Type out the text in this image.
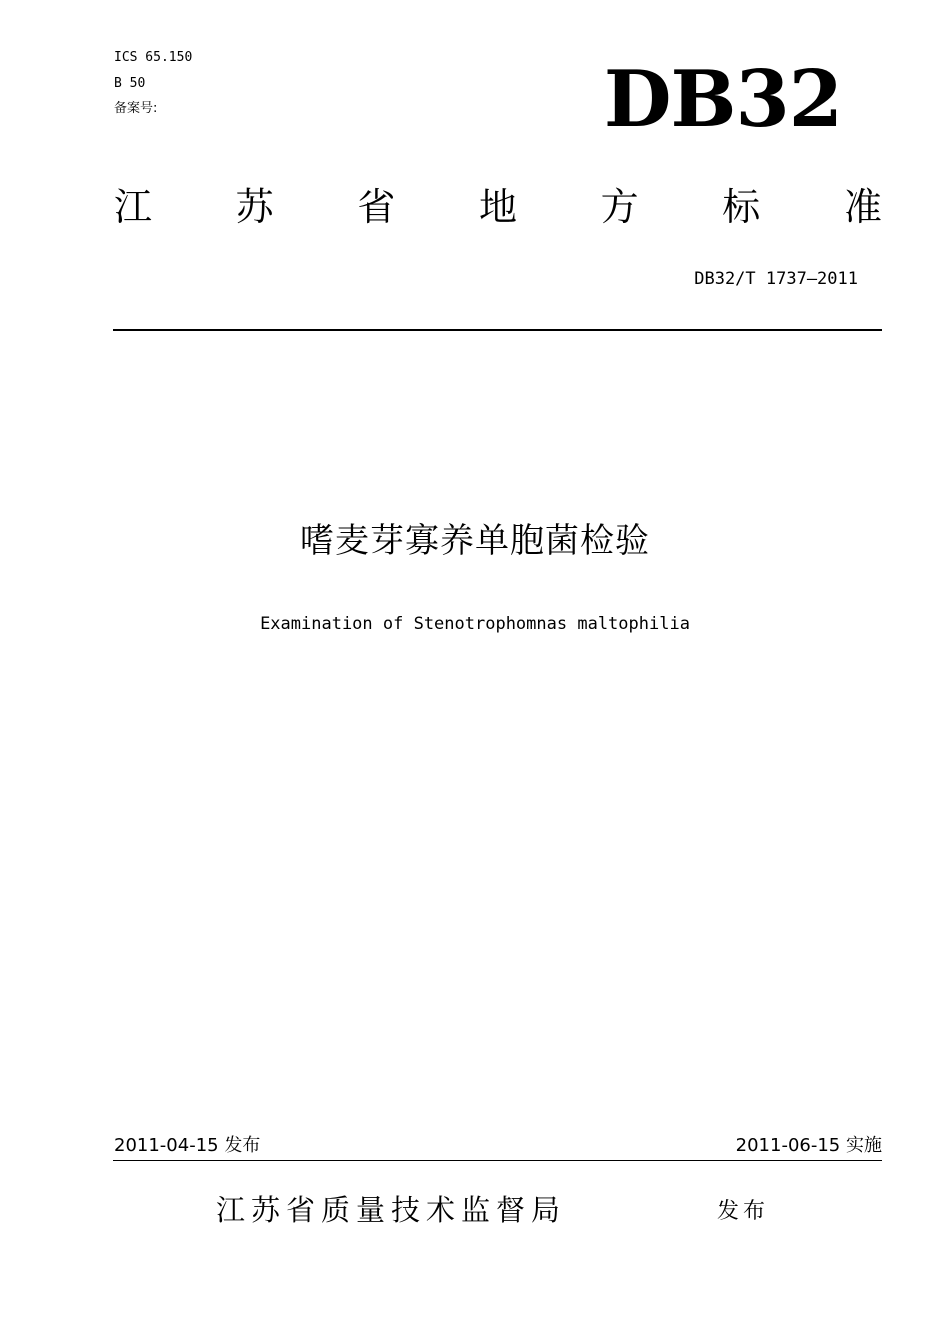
ICS 65.150
B 50
备案号:	DB32
江 苏 省 地 方 标 准
DB32/T 1737—2011
嗜麦芽寡养单胞菌检验
Examination of Stenotrophomnas maltophilia
2011-04-15 发布	2011-06-15 实施
江苏省质量技术监督局	发布
